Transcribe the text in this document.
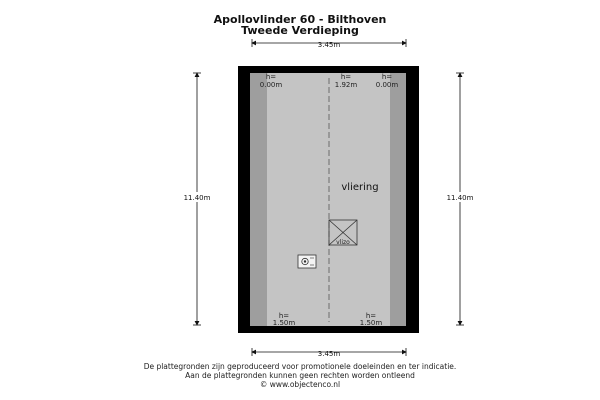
Apollovlinder 60 - Bilthoven
Tweede Verdieping
3.45m
3.45m
11.40m	11.40m
h=
0.00m
h=
1.92m
h=
0.00m
h=
1.50m
h=
1.50m
vliering
vlizo
De plattegronden zijn geproduceerd voor promotionele doeleinden en ter indicatie.
Aan de plattegronden kunnen geen rechten worden ontleend
© www.objectenco.nl
